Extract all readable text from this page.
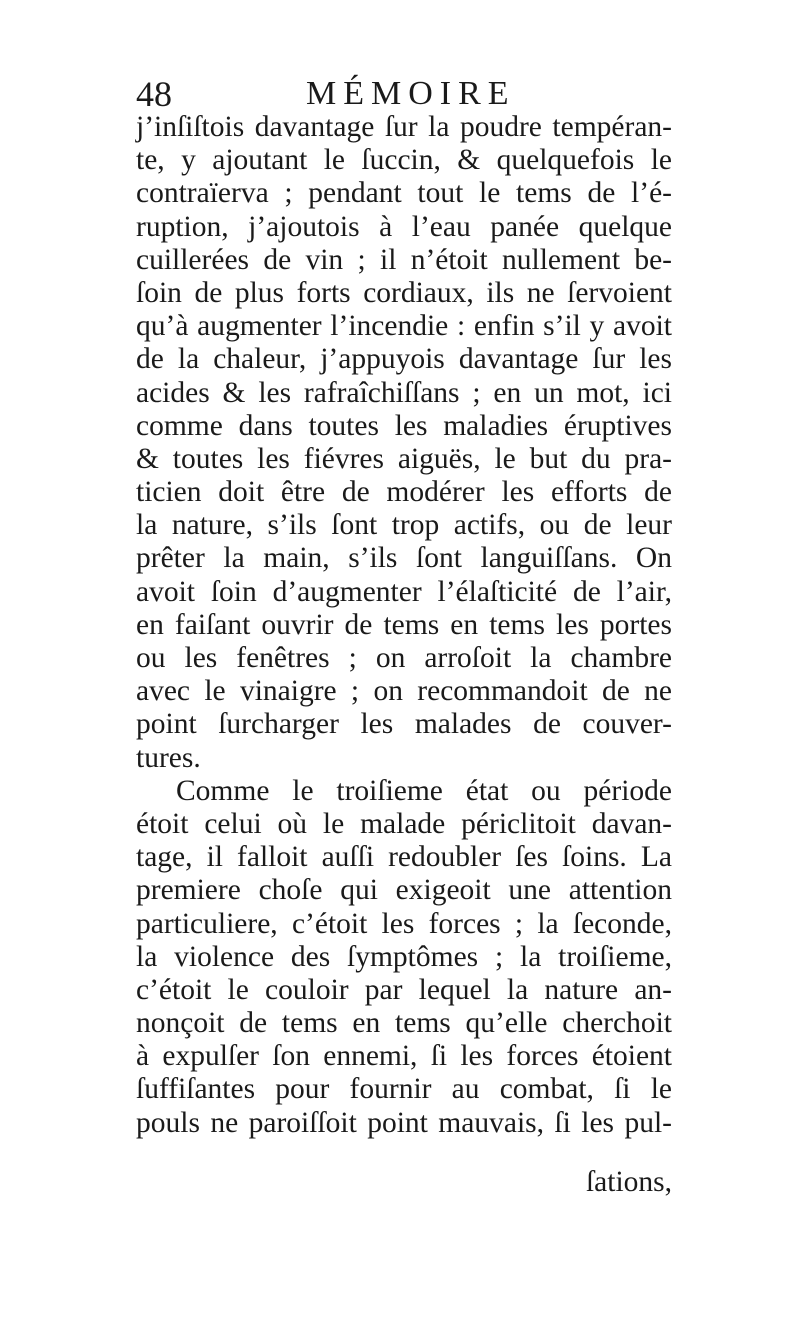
48	MÉMOIRE
j’inſiſtois davantage ſur la poudre tempéran-
te, y ajoutant le ſuccin, & quelquefois le
contraïerva ; pendant tout le tems de l’é-
ruption, j’ajoutois à l’eau panée quelque
cuillerées de vin ; il n’étoit nullement be-
ſoin de plus forts cordiaux, ils ne ſervoient
qu’à augmenter l’incendie : enfin s’il y avoit
de la chaleur, j’appuyois davantage ſur les
acides & les rafraîchiſſans ; en un mot, ici
comme dans toutes les maladies éruptives
& toutes les fiévres aiguës, le but du pra-
ticien doit être de modérer les efforts de
la nature, s’ils ſont trop actifs, ou de leur
prêter la main, s’ils ſont languiſſans. On
avoit ſoin d’augmenter l’élaſticité de l’air,
en faiſant ouvrir de tems en tems les portes
ou les fenêtres ; on arroſoit la chambre
avec le vinaigre ; on recommandoit de ne
point ſurcharger les malades de couver-
tures.
Comme le troiſieme état ou période
étoit celui où le malade périclitoit davan-
tage, il falloit auſſi redoubler ſes ſoins. La
premiere choſe qui exigeoit une attention
particuliere, c’étoit les forces ; la ſeconde,
la violence des ſymptômes ; la troiſieme,
c’étoit le couloir par lequel la nature an-
nonçoit de tems en tems qu’elle cherchoit
à expulſer ſon ennemi, ſi les forces étoient
ſuffiſantes pour fournir au combat, ſi le
pouls ne paroiſſoit point mauvais, ſi les pul-
ſations,
